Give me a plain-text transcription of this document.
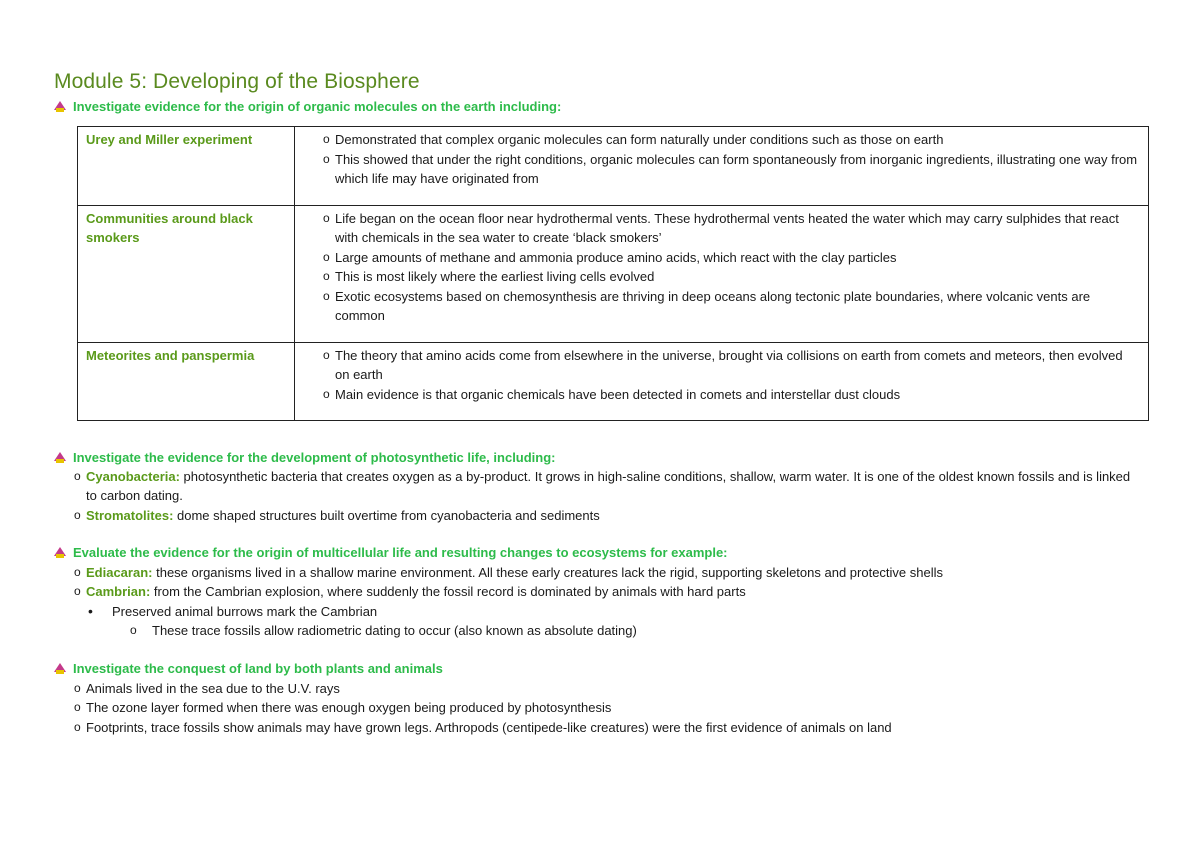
Module 5: Developing of the Biosphere
Investigate evidence for the origin of organic molecules on the earth including:
Urey and Miller experiment	o Demonstrated that complex organic molecules can form naturally under conditions such as those on earth
o This showed that under the right conditions, organic molecules can form spontaneously from inorganic ingredients, illustrating one way from which life may have originated from

Communities around black smokers	o Life began on the ocean floor near hydrothermal vents. These hydrothermal vents heated the water which may carry sulphides that react with chemicals in the sea water to create ‘black smokers’
o Large amounts of methane and ammonia produce amino acids, which react with the clay particles
o This is most likely where the earliest living cells evolved
o Exotic ecosystems based on chemosynthesis are thriving in deep oceans along tectonic plate boundaries, where volcanic vents are common

Meteorites and panspermia	o The theory that amino acids come from elsewhere in the universe, brought via collisions on earth from comets and meteors, then evolved on earth
o Main evidence is that organic chemicals have been detected in comets and interstellar dust clouds
Investigate the evidence for the development of photosynthetic life, including:
o Cyanobacteria: photosynthetic bacteria that creates oxygen as a by-product. It grows in high-saline conditions, shallow, warm water. It is one of the oldest known fossils and is linked to carbon dating.
o Stromatolites: dome shaped structures built overtime from cyanobacteria and sediments
Evaluate the evidence for the origin of multicellular life and resulting changes to ecosystems for example:
o Ediacaran: these organisms lived in a shallow marine environment. All these early creatures lack the rigid, supporting skeletons and protective shells
o Cambrian: from the Cambrian explosion, where suddenly the fossil record is dominated by animals with hard parts
• Preserved animal burrows mark the Cambrian
o These trace fossils allow radiometric dating to occur (also known as absolute dating)
Investigate the conquest of land by both plants and animals
o Animals lived in the sea due to the U.V. rays
o The ozone layer formed when there was enough oxygen being produced by photosynthesis
o Footprints, trace fossils show animals may have grown legs. Arthropods (centipede-like creatures) were the first evidence of animals on land
